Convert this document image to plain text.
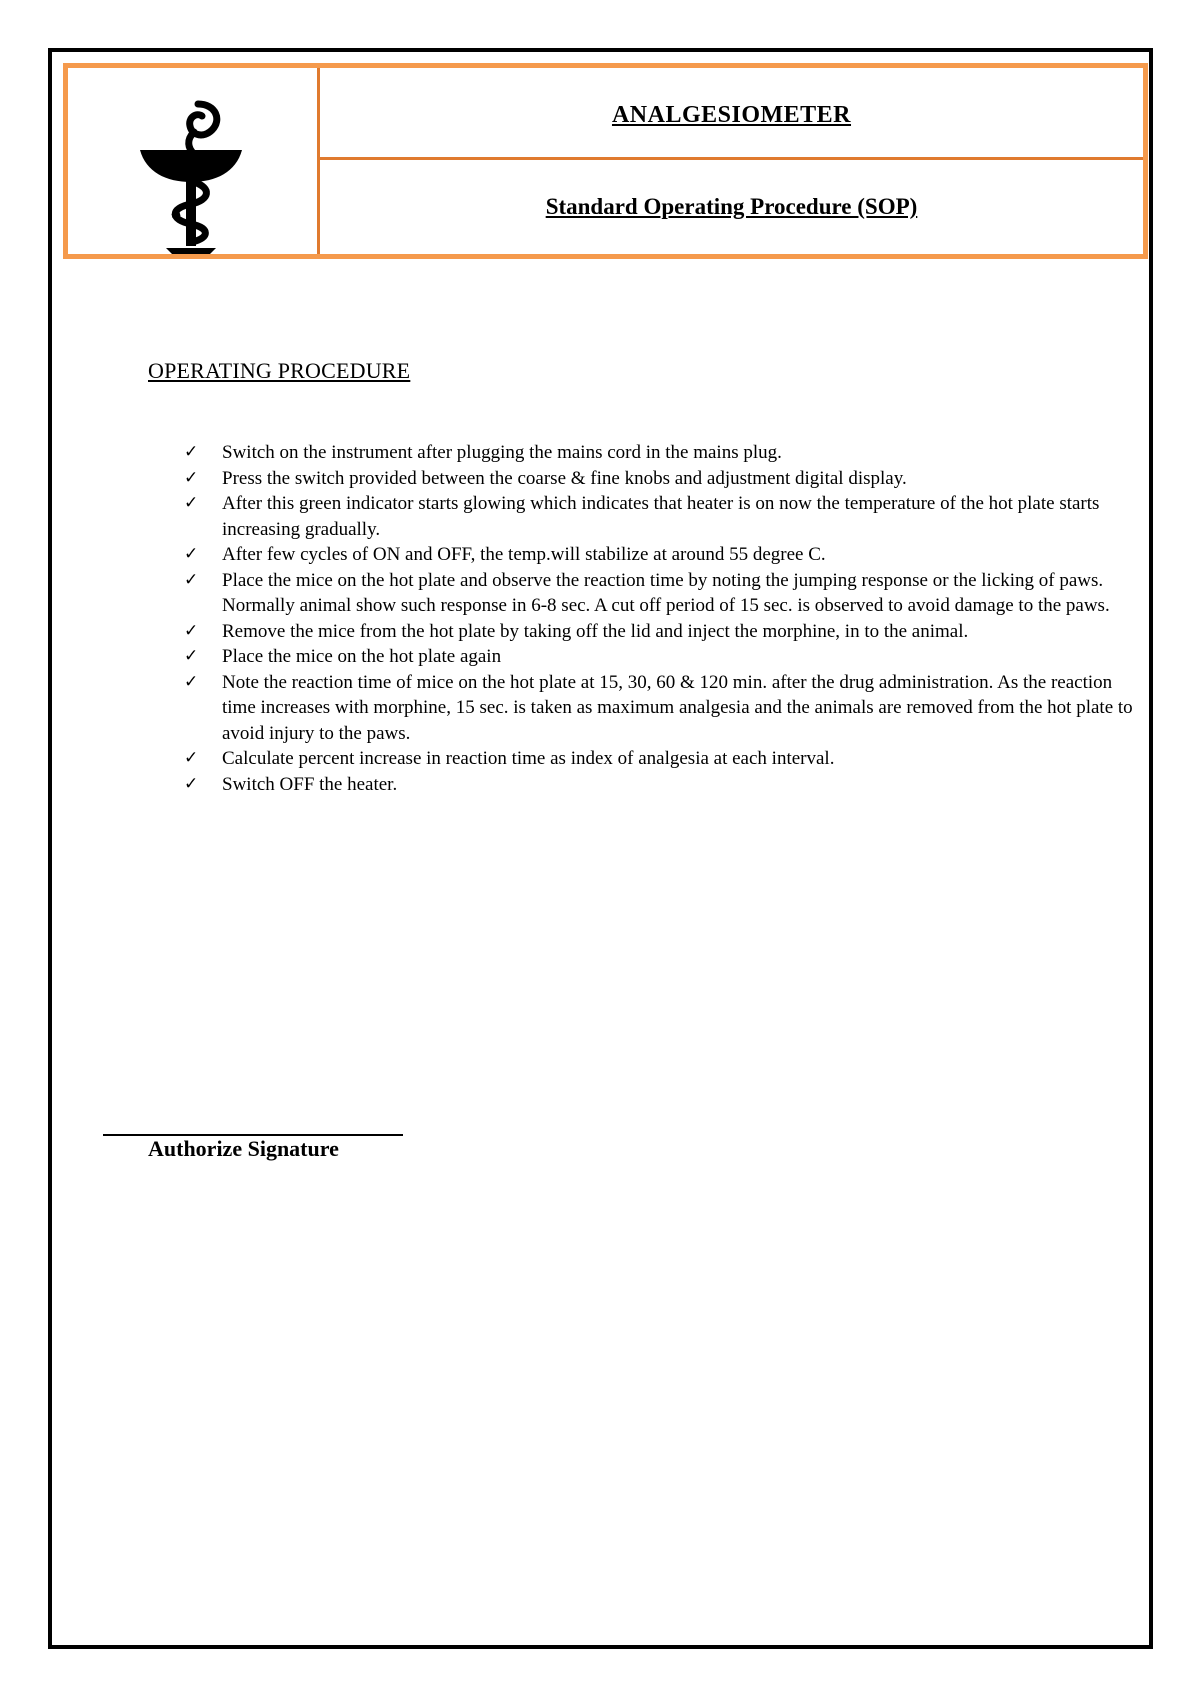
ANALGESIOMETER
Standard Operating Procedure (SOP)
OPERATING PROCEDURE
✓ Switch on the instrument after plugging the mains cord in the mains plug.
✓ Press the switch provided between the coarse & fine knobs and adjustment digital display.
✓ After this green indicator starts glowing which indicates that heater is on now the temperature of the hot plate starts increasing gradually.
✓ After few cycles of ON and OFF, the temp.will stabilize at around 55 degree C.
✓ Place the mice on the hot plate and observe the reaction time by noting the jumping response or the licking of paws. Normally animal show such response in 6-8 sec. A cut off period of 15 sec. is observed to avoid damage to the paws.
✓ Remove the mice from the hot plate by taking off the lid and inject the morphine, in to the animal.
✓ Place the mice on the hot plate again
✓ Note the reaction time of mice on the hot plate at 15, 30, 60 & 120 min. after the drug administration. As the reaction time increases with morphine, 15 sec. is taken as maximum analgesia and the animals are removed from the hot plate to avoid injury to the paws.
✓ Calculate percent increase in reaction time as index of analgesia at each interval.
✓ Switch OFF the heater.
Authorize Signature
